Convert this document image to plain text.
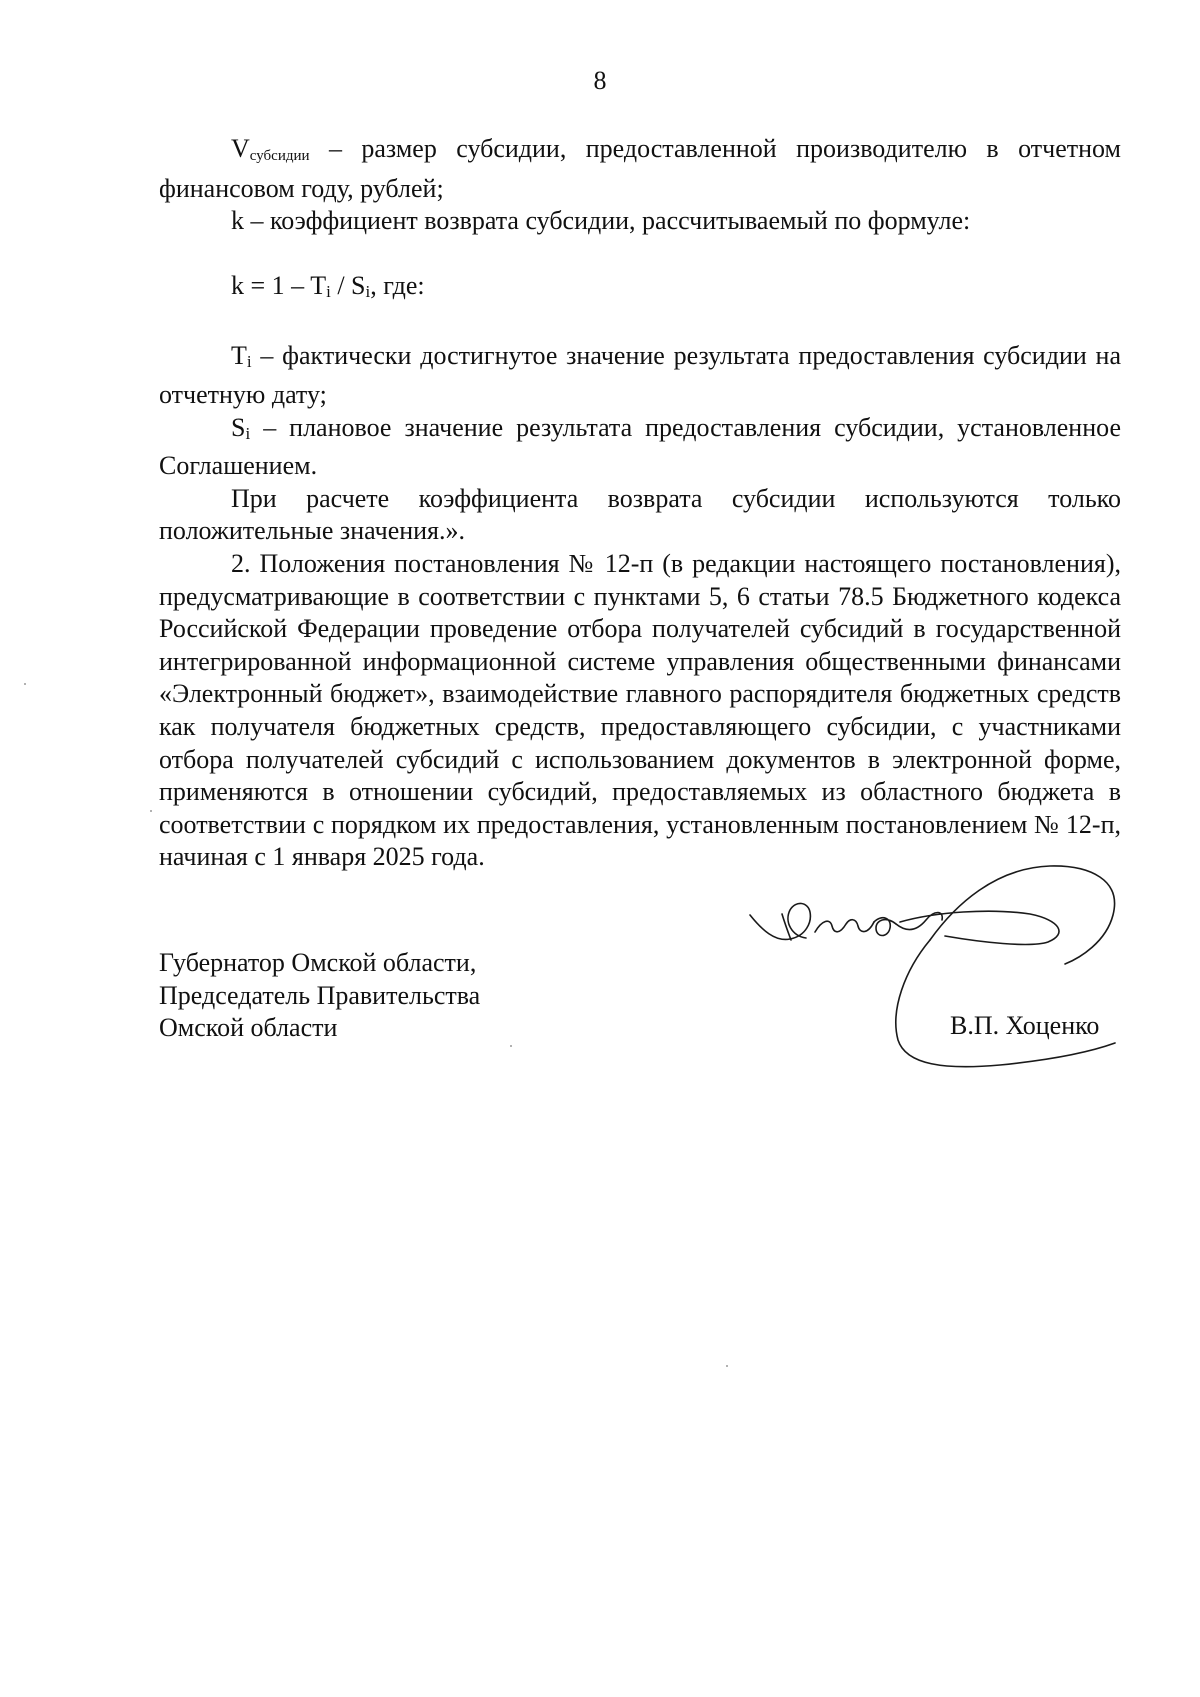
8

$V_{субсидии}$ – размер субсидии, предоставленной производителю в отчетном финансовом году, рублей;

k – коэффициент возврата субсидии, рассчитываемый по формуле:

k = 1 – Ti / Si, где:

Ti – фактически достигнутое значение результата предоставления субсидии на отчетную дату;

Si – плановое значение результата предоставления субсидии, установленное Соглашением.

При расчете коэффициента возврата субсидии используются только положительные значения.».

2. Положения постановления № 12-п (в редакции настоящего постановления), предусматривающие в соответствии с пунктами 5, 6 статьи 78.5 Бюджетного кодекса Российской Федерации проведение отбора получателей субсидий в государственной интегрированной информационной системе управления общественными финансами «Электронный бюджет», взаимодействие главного распорядителя бюджетных средств как получателя бюджетных средств, предоставляющего субсидии, с участниками отбора получателей субсидий с использованием документов в электронной форме, применяются в отношении субсидий, предоставляемых из областного бюджета в соответствии с порядком их предоставления, установленным постановлением № 12-п, начиная с 1 января 2025 года.

Губернатор Омской области,
Председатель Правительства
Омской области	В.П. Хоценко
